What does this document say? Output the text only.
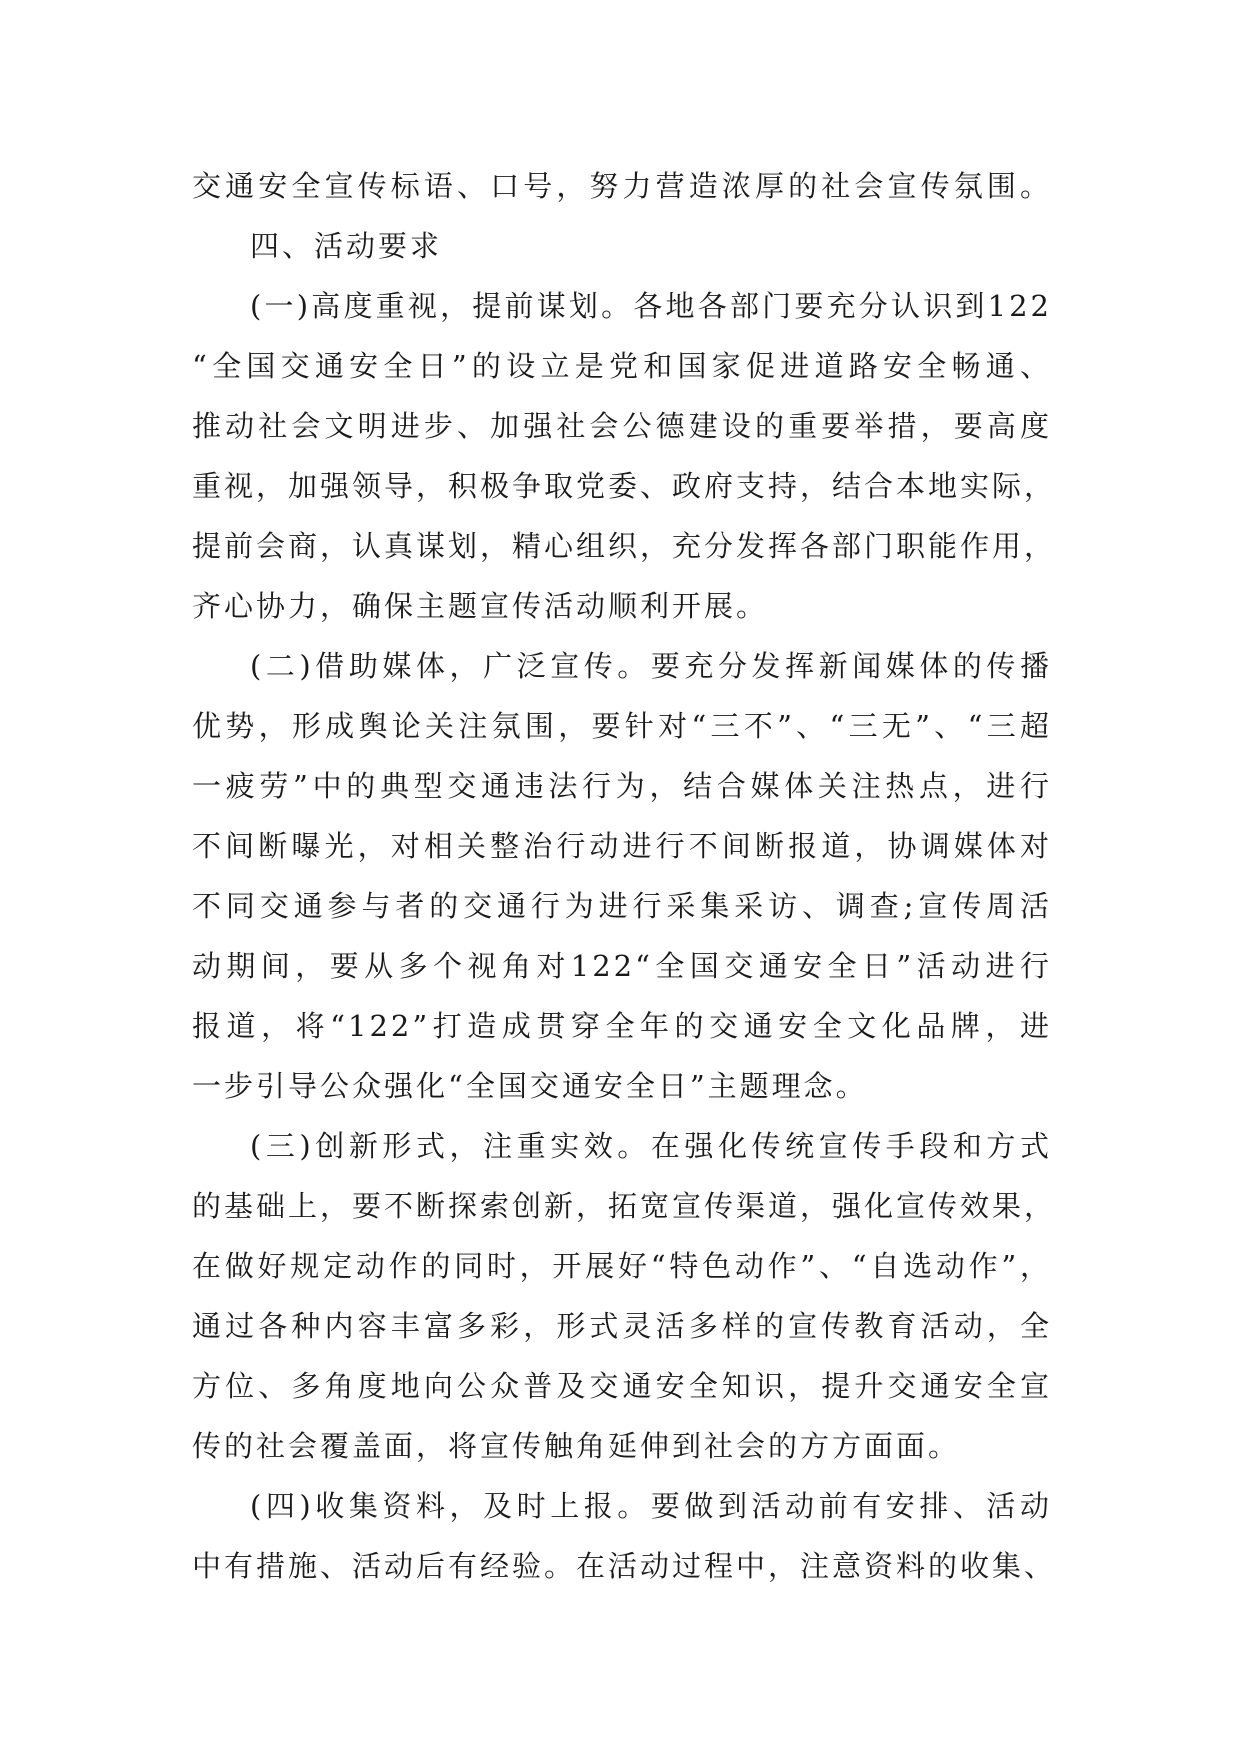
交通安全宣传标语、口号，努力营造浓厚的社会宣传氛围。
四、活动要求
(一)高度重视，提前谋划。各地各部门要充分认识到122
“全国交通安全日”的设立是党和国家促进道路安全畅通、
推动社会文明进步、加强社会公德建设的重要举措，要高度
重视，加强领导，积极争取党委、政府支持，结合本地实际，
提前会商，认真谋划，精心组织，充分发挥各部门职能作用，
齐心协力，确保主题宣传活动顺利开展。
(二)借助媒体，广泛宣传。要充分发挥新闻媒体的传播
优势，形成舆论关注氛围，要针对“三不”、“三无”、“三超
一疲劳”中的典型交通违法行为，结合媒体关注热点，进行
不间断曝光，对相关整治行动进行不间断报道，协调媒体对
不同交通参与者的交通行为进行采集采访、调查;宣传周活
动期间，要从多个视角对122“全国交通安全日”活动进行
报道，将“122”打造成贯穿全年的交通安全文化品牌，进
一步引导公众强化“全国交通安全日”主题理念。
(三)创新形式，注重实效。在强化传统宣传手段和方式
的基础上，要不断探索创新，拓宽宣传渠道，强化宣传效果，
在做好规定动作的同时，开展好“特色动作”、“自选动作”，
通过各种内容丰富多彩，形式灵活多样的宣传教育活动，全
方位、多角度地向公众普及交通安全知识，提升交通安全宣
传的社会覆盖面，将宣传触角延伸到社会的方方面面。
(四)收集资料，及时上报。要做到活动前有安排、活动
中有措施、活动后有经验。在活动过程中，注意资料的收集、
